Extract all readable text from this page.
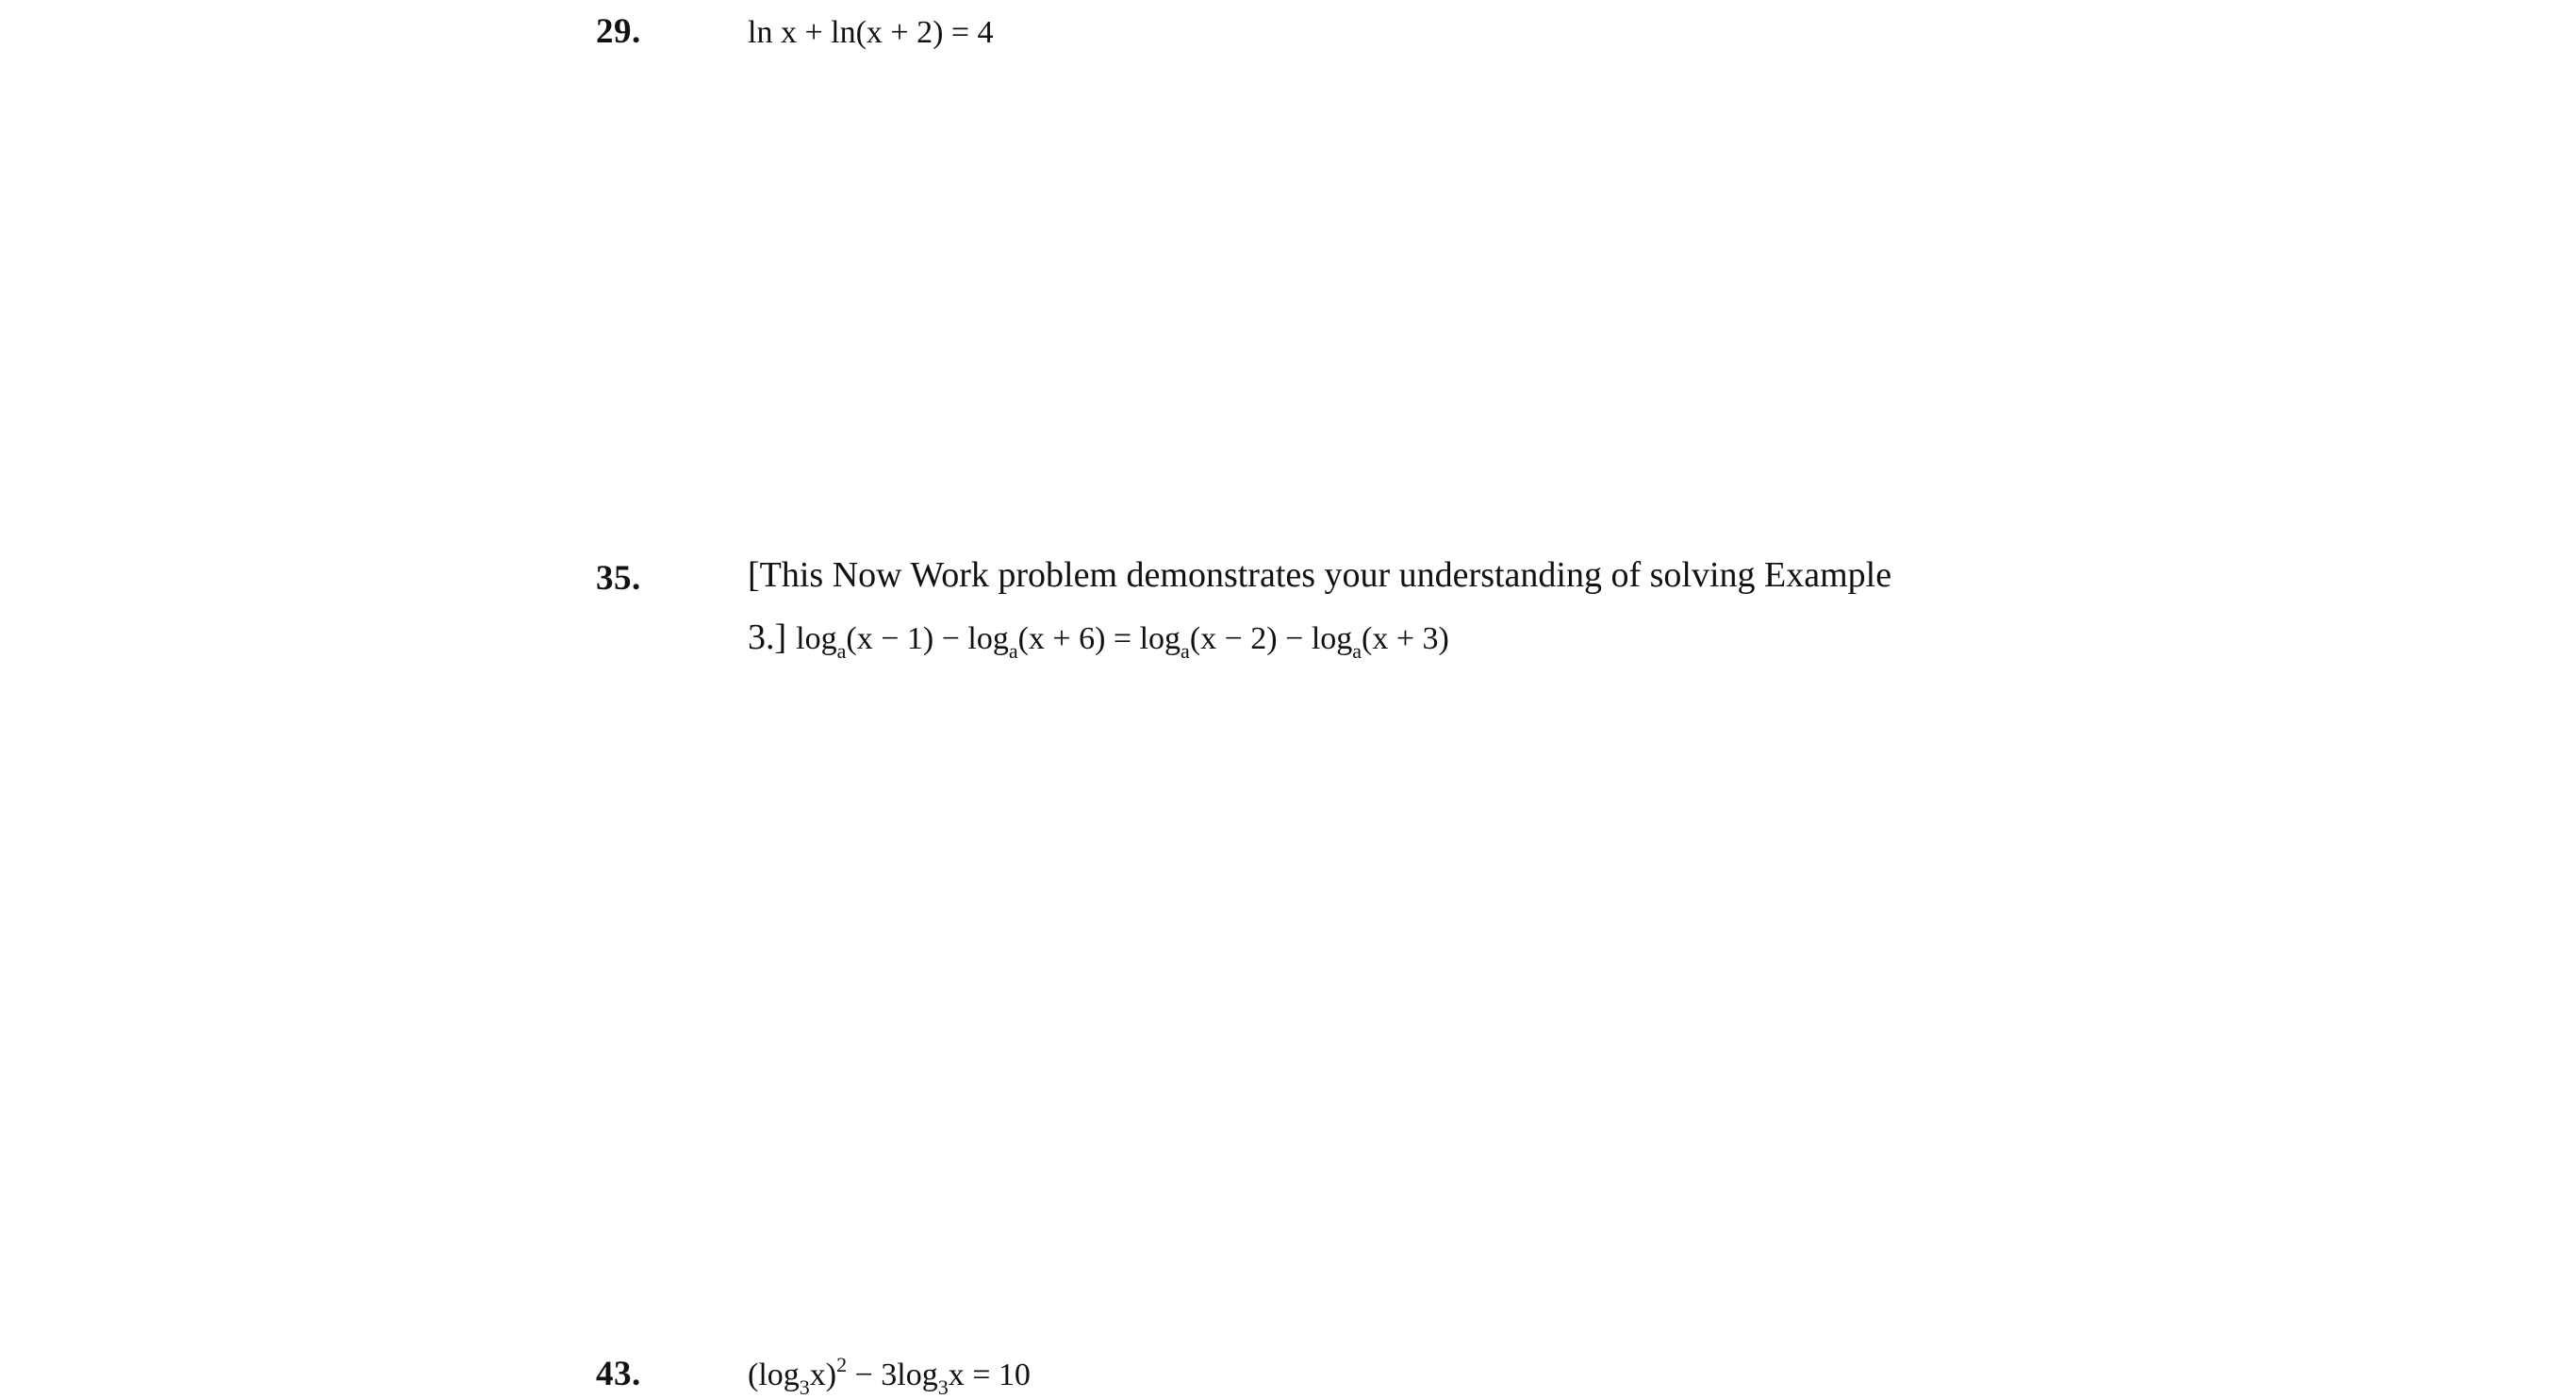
29.	ln x + ln(x + 2) = 4
35.	[This Now Work problem demonstrates your understanding of solving Example
3.] $\log_a(x - 1) - \log_a(x + 6) = \log_a(x - 2) - \log_a(x + 3)$
43.	$(\log_3x)^2 - 3\log_3x = 10$
